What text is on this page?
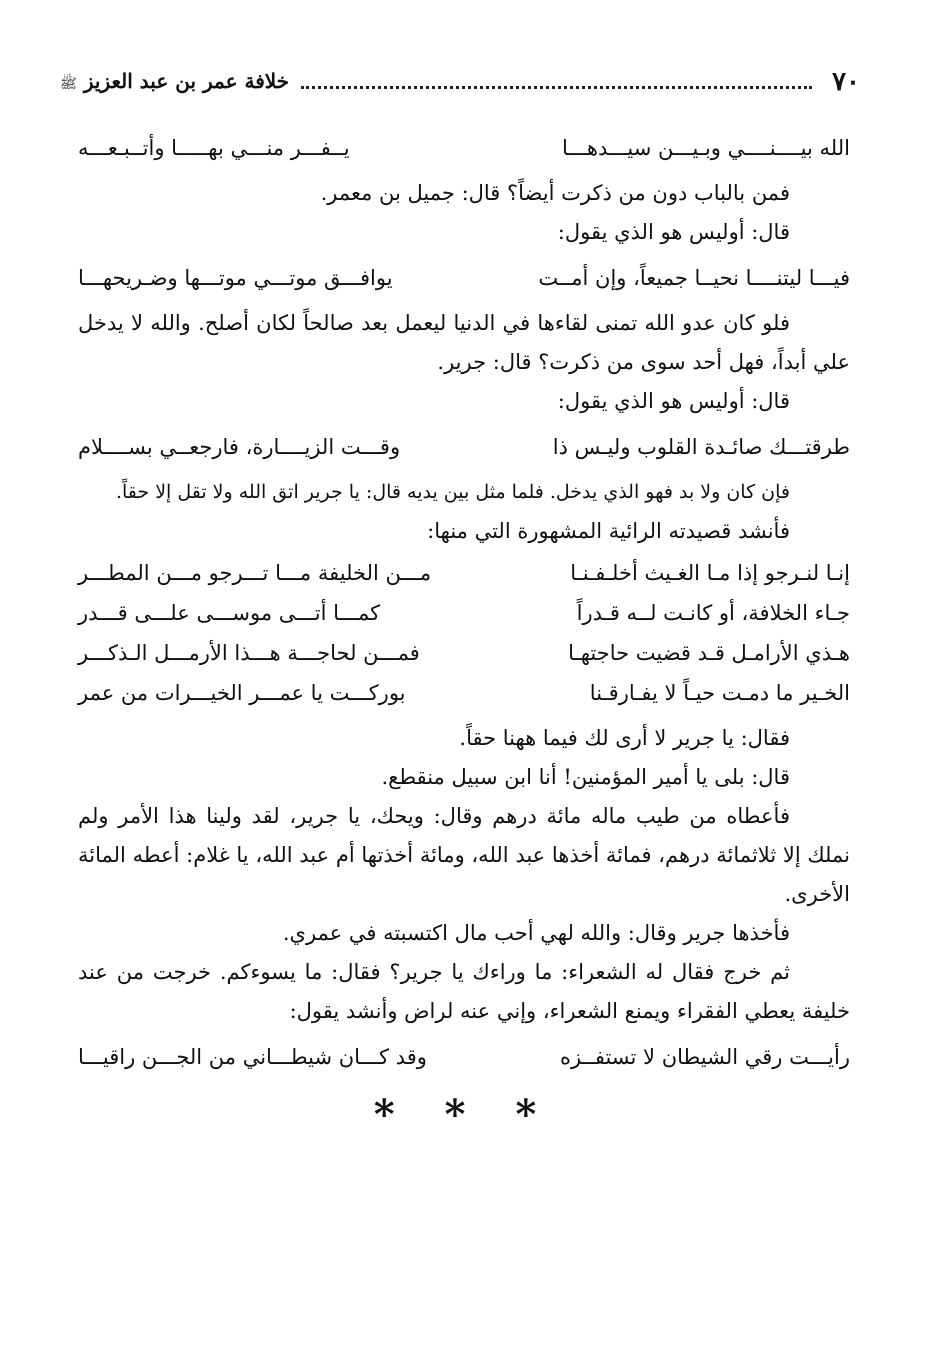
خلافة عمر بن عبد العزيز ﷺ	٧٠
الله بيــــنــــي وبـيـــن سيـــدهـــا
يــفـــر منـــي بهـــــا وأتــبـعـــه

فمن بالباب دون من ذكرت أيضاً؟ قال: جميل بن معمر.

قال: أوليس هو الذي يقول:

فيـــا ليتنــــا نحيــا جميعاً، وإن أمــت
يوافـــق موتـــي موتـــها وضـريحهـــا

فلو كان عدو الله تمنى لقاءها في الدنيا ليعمل بعد صالحاً لكان أصلح. والله لا يدخل علي أبداً، فهل أحد سوى من ذكرت؟ قال: جرير.

قال: أوليس هو الذي يقول:

طرقتـــك صائـدة القلوب وليـس ذا
وقـــت الزيــــارة، فارجعــي بســــلام

فإن كان ولا بد فهو الذي يدخل. فلما مثل بين يديه قال: يا جرير اتق الله ولا تقل إلا حقاً.

فأنشد قصيدته الرائية المشهورة التي منها:

إنـا لنـرجو إذا مـا الغـيث أخلـفـنـا
مـــن الخليفة مـــا تـــرجو مـــن المطـــر
جـاء الخلافة، أو كانـت لــه قـدراً
كمـــا أتـــى موســـى علـــى قـــدر
هـذي الأرامـل قـد قضيت حاجتهـا
فمـــن لحاجـــة هـــذا الأرمـــل الـذكـــر
الخـير ما دمـت حيـاً لا يفـارقـنا
بوركـــت يا عمـــر الخيـــرات من عمر

فقال: يا جرير لا أرى لك فيما ههنا حقاً.

قال: بلى يا أمير المؤمنين! أنا ابن سبيل منقطع.

فأعطاه من طيب ماله مائة درهم وقال: ويحك، يا جرير، لقد ولينا هذا الأمر ولم نملك إلا ثلاثمائة درهم، فمائة أخذها عبد الله، ومائة أخذتها أم عبد الله، يا غلام: أعطه المائة الأخرى.

فأخذها جرير وقال: والله لهي أحب مال اكتسبته في عمري.

ثم خرج فقال له الشعراء: ما وراءك يا جرير؟ فقال: ما يسوءكم. خرجت من عند خليفة يعطي الفقراء ويمنع الشعراء، وإني عنه لراض وأنشد يقول:

رأيـــت رقي الشيطان لا تستفــزه
وقد كـــان شيطـــاني من الجـــن راقيـــا
* * *
